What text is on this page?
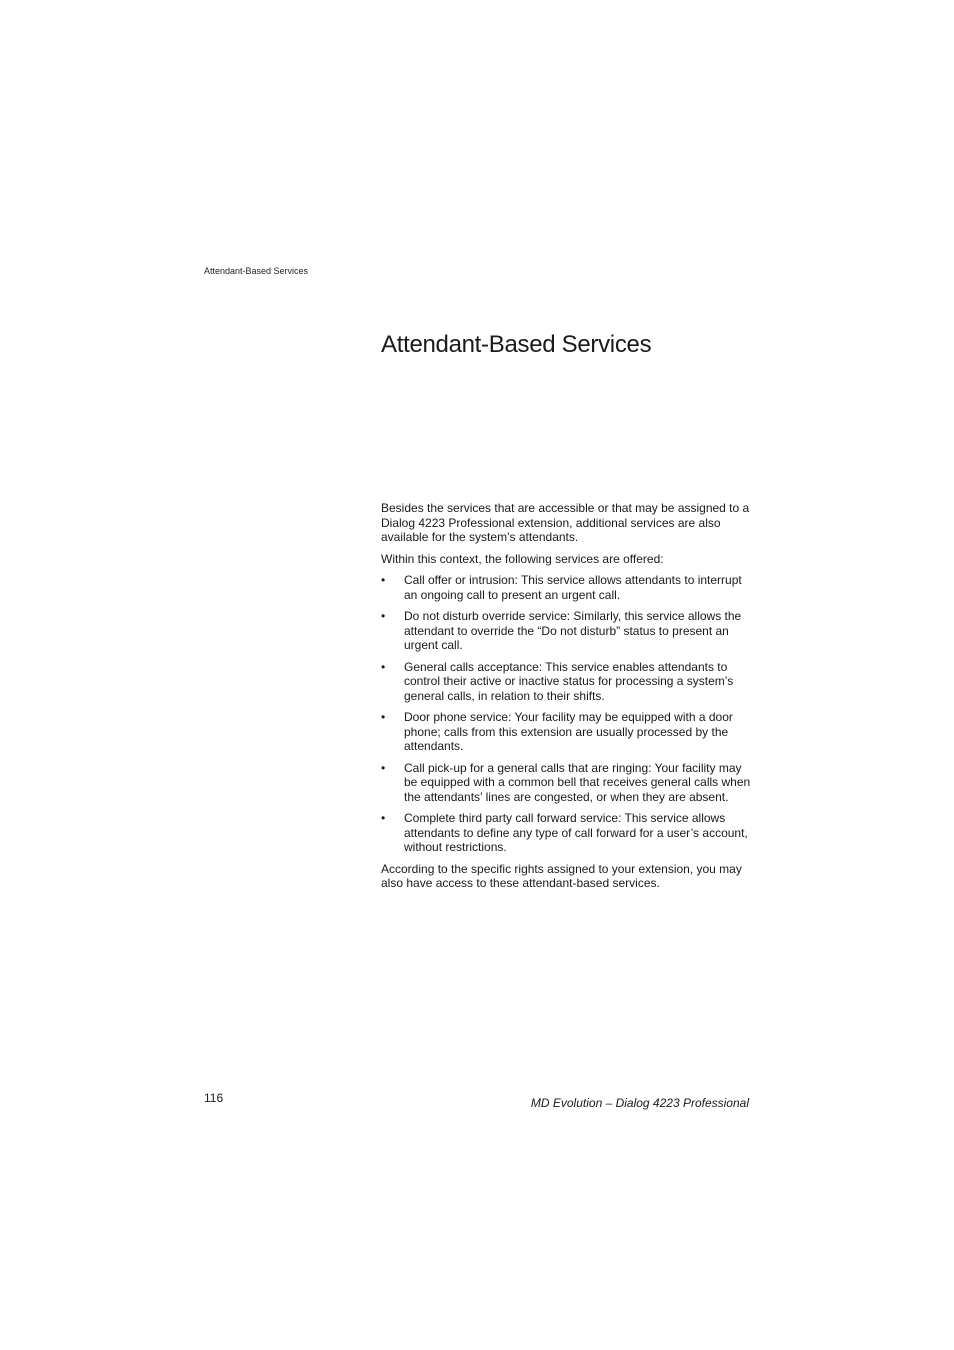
Attendant-Based Services
Attendant-Based Services

Besides the services that are accessible or that may be assigned to a Dialog 4223 Professional extension, additional services are also available for the system’s attendants.

Within this context, the following services are offered:

• Call offer or intrusion: This service allows attendants to interrupt an ongoing call to present an urgent call.
• Do not disturb override service: Similarly, this service allows the attendant to override the “Do not disturb” status to present an urgent call.
• General calls acceptance: This service enables attendants to control their active or inactive status for processing a system’s general calls, in relation to their shifts.
• Door phone service: Your facility may be equipped with a door phone; calls from this extension are usually processed by the attendants.
• Call pick-up for a general calls that are ringing: Your facility may be equipped with a common bell that receives general calls when the attendants’ lines are congested, or when they are absent.
• Complete third party call forward service: This service allows attendants to define any type of call forward for a user’s account, without restrictions.

According to the specific rights assigned to your extension, you may also have access to these attendant-based services.

116	MD Evolution – Dialog 4223 Professional
